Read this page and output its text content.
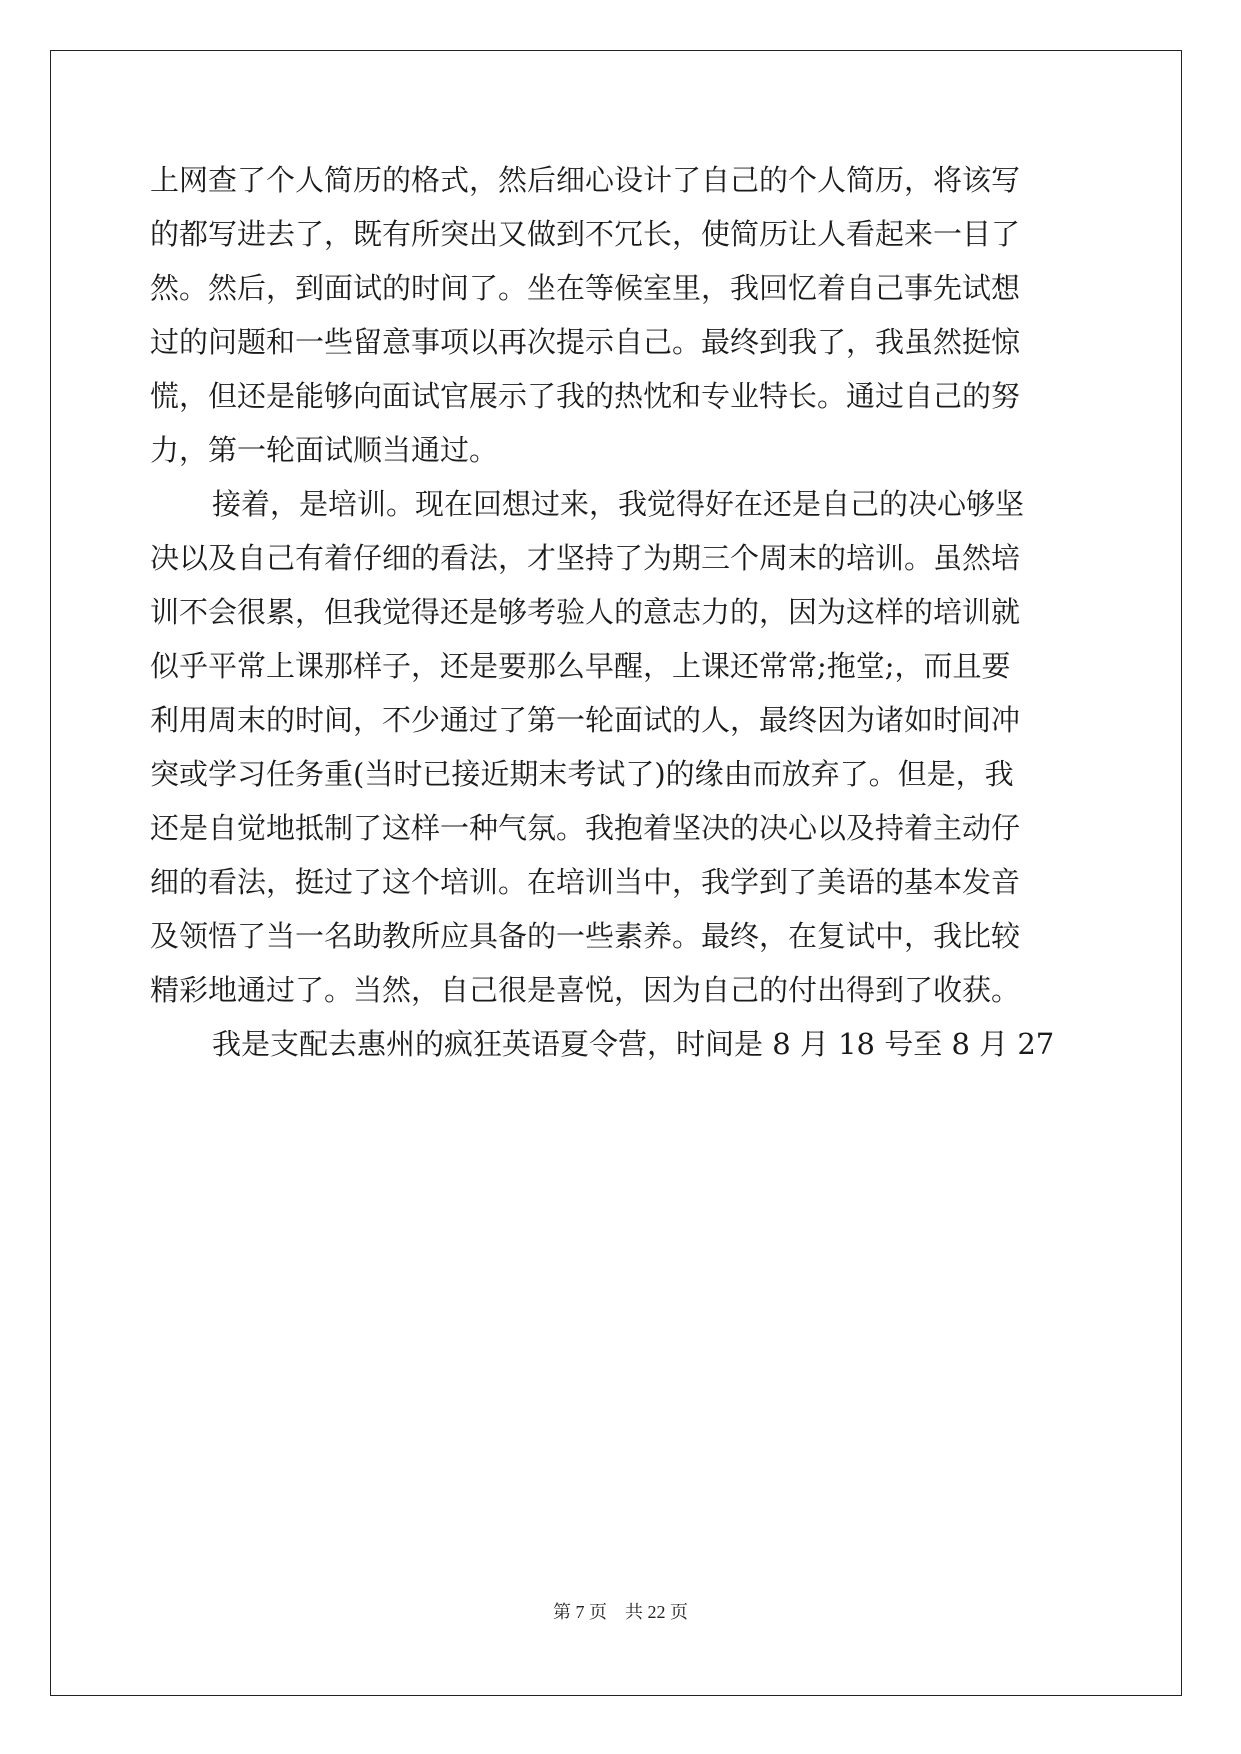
上网查了个人简历的格式，然后细心设计了自己的个人简历，将该写
的都写进去了，既有所突出又做到不冗长，使简历让人看起来一目了
然。然后，到面试的时间了。坐在等候室里，我回忆着自己事先试想
过的问题和一些留意事项以再次提示自己。最终到我了，我虽然挺惊
慌，但还是能够向面试官展示了我的热忱和专业特长。通过自己的努
力，第一轮面试顺当通过。
接着，是培训。现在回想过来，我觉得好在还是自己的决心够坚
决以及自己有着仔细的看法，才坚持了为期三个周末的培训。虽然培
训不会很累，但我觉得还是够考验人的意志力的，因为这样的培训就
似乎平常上课那样子，还是要那么早醒，上课还常常;拖堂;，而且要
利用周末的时间，不少通过了第一轮面试的人，最终因为诸如时间冲
突或学习任务重(当时已接近期末考试了)的缘由而放弃了。但是，我
还是自觉地抵制了这样一种气氛。我抱着坚决的决心以及持着主动仔
细的看法，挺过了这个培训。在培训当中，我学到了美语的基本发音
及领悟了当一名助教所应具备的一些素养。最终，在复试中，我比较
精彩地通过了。当然，自己很是喜悦，因为自己的付出得到了收获。
我是支配去惠州的疯狂英语夏令营，时间是 8 月 18 号至 8 月 27
第 7 页 共 22 页
